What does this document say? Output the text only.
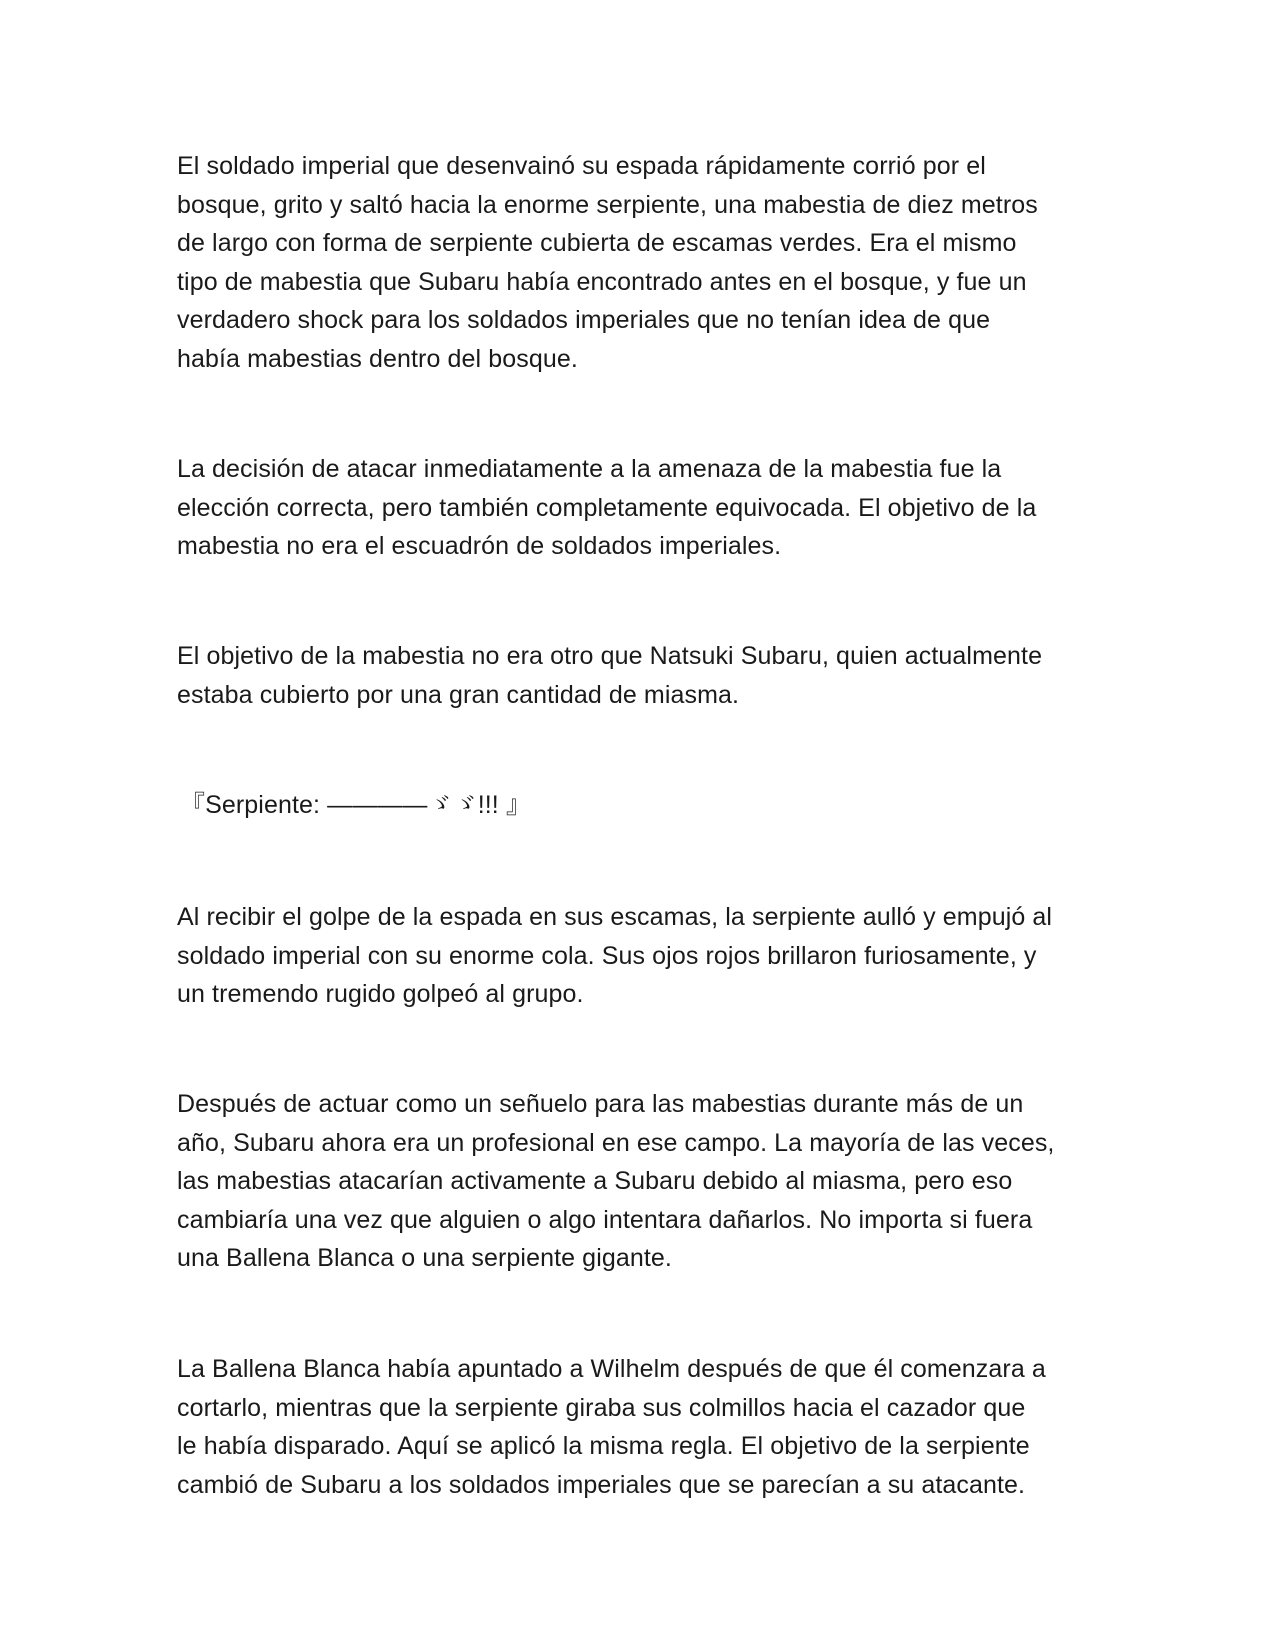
El soldado imperial que desenvainó su espada rápidamente corrió por el
bosque, grito y saltó hacia la enorme serpiente, una mabestia de diez metros
de largo con forma de serpiente cubierta de escamas verdes. Era el mismo
tipo de mabestia que Subaru había encontrado antes en el bosque, y fue un
verdadero shock para los soldados imperiales que no tenían idea de que
había mabestias dentro del bosque.

La decisión de atacar inmediatamente a la amenaza de la mabestia fue la
elección correcta, pero también completamente equivocada. El objetivo de la
mabestia no era el escuadrón de soldados imperiales.

El objetivo de la mabestia no era otro que Natsuki Subaru, quien actualmente
estaba cubierto por una gran cantidad de miasma.

『Serpiente: ————ゞゞ!!! 』

Al recibir el golpe de la espada en sus escamas, la serpiente aulló y empujó al
soldado imperial con su enorme cola. Sus ojos rojos brillaron furiosamente, y
un tremendo rugido golpeó al grupo.

Después de actuar como un señuelo para las mabestias durante más de un
año, Subaru ahora era un profesional en ese campo. La mayoría de las veces,
las mabestias atacarían activamente a Subaru debido al miasma, pero eso
cambiaría una vez que alguien o algo intentara dañarlos. No importa si fuera
una Ballena Blanca o una serpiente gigante.

La Ballena Blanca había apuntado a Wilhelm después de que él comenzara a
cortarlo, mientras que la serpiente giraba sus colmillos hacia el cazador que
le había disparado. Aquí se aplicó la misma regla. El objetivo de la serpiente
cambió de Subaru a los soldados imperiales que se parecían a su atacante.
